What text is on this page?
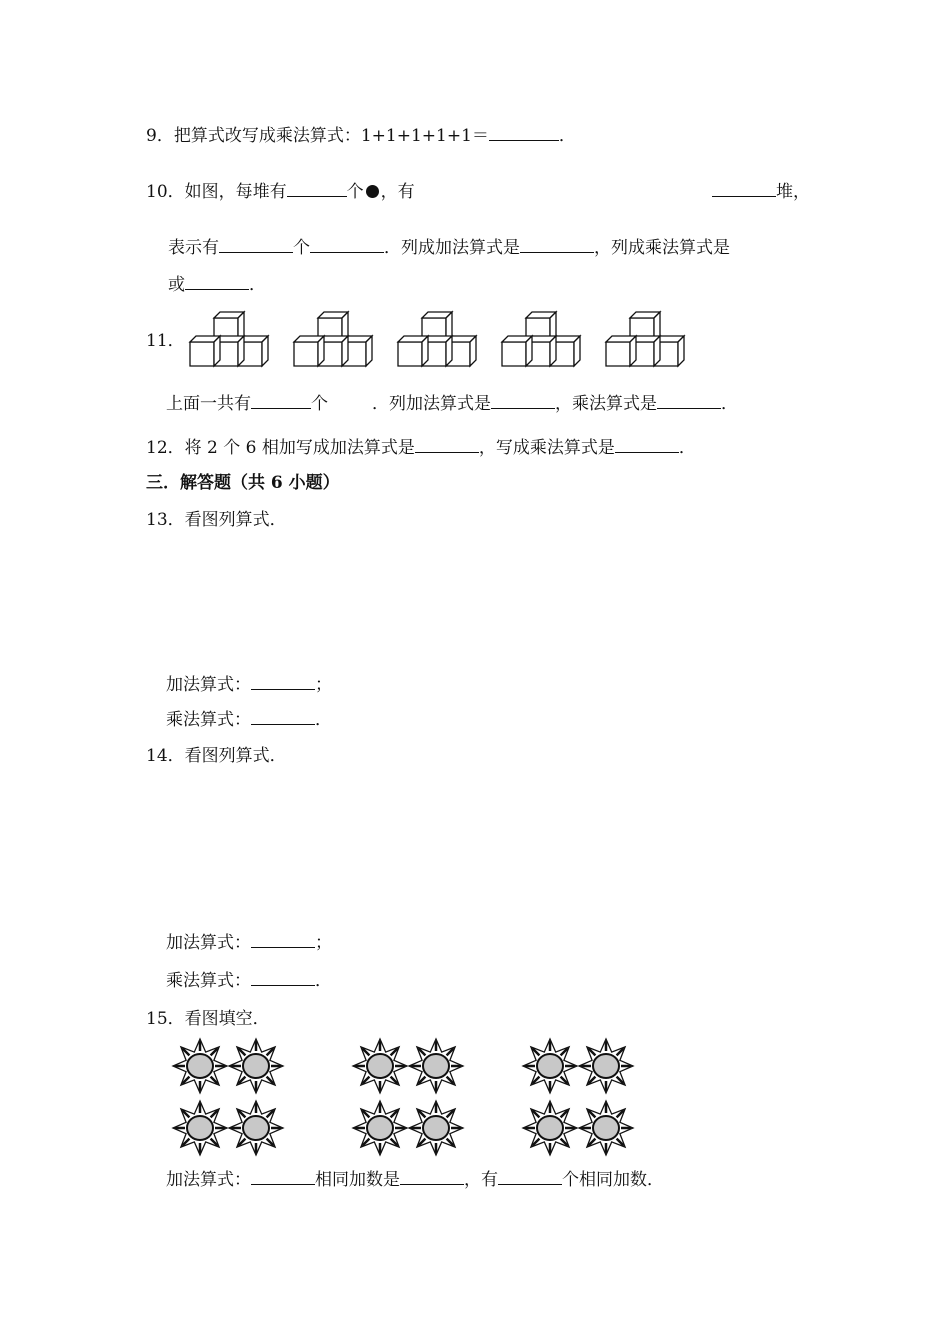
9．把算式改写成乘法算式：1+1+1+1+1＝	．
10．如图，每堆有	个 ，有	堆，
表示有	个	．列成加法算式是	，列成乘法算式是
或	．
11．
上面一共有	个	．列加法算式是	，乘法算式是	．
12．将 2 个 6 相加写成加法算式是	，写成乘法算式是	．
三．解答题（共 6 小题）
13．看图列算式．
加法算式：	；
乘法算式：	．
14．看图列算式．
加法算式：	；
乘法算式：	．
15．看图填空．
加法算式：	相同加数是	，有	个相同加数．
